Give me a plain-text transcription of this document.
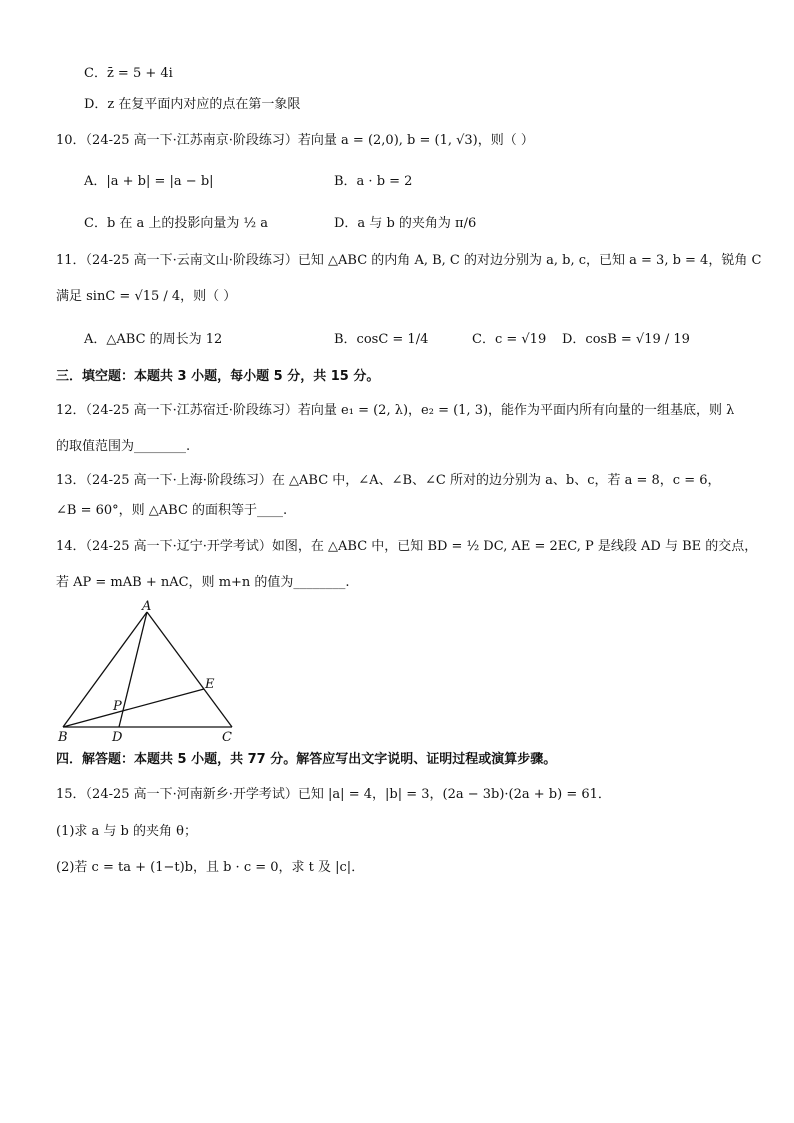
C．z̄ = 5 + 4i
D．z 在复平面内对应的点在第一象限
10．（24-25 高一下·江苏南京·阶段练习）若向量 a = (2,0), b = (1, √3)，则（ ）
A．|a + b| = |a − b|	B．a · b = 2
C．b 在 a 上的投影向量为 ½ a	D．a 与 b 的夹角为 π/6
11．（24-25 高一下·云南文山·阶段练习）已知 △ABC 的内角 A, B, C 的对边分别为 a, b, c，已知 a = 3, b = 4，锐角 C
满足 sinC = √15 / 4，则（ ）
A．△ABC 的周长为 12	B．cosC = 1/4	C．c = √19 D．cosB = √19 / 19
三．填空题：本题共 3 小题，每小题 5 分，共 15 分。
12．（24-25 高一下·江苏宿迁·阶段练习）若向量 e₁ = (2, λ)，e₂ = (1, 3)，能作为平面内所有向量的一组基底，则 λ
的取值范围为________.
13．（24-25 高一下·上海·阶段练习）在 △ABC 中，∠A、∠B、∠C 所对的边分别为 a、b、c，若 a = 8，c = 6，
∠B = 60°，则 △ABC 的面积等于____.
14．（24-25 高一下·辽宁·开学考试）如图，在 △ABC 中，已知 BD = ½ DC, AE = 2EC, P 是线段 AD 与 BE 的交点，
若 AP = mAB + nAC，则 m+n 的值为________.
A
B	C
D
E
P
四．解答题：本题共 5 小题，共 77 分。解答应写出文字说明、证明过程或演算步骤。
15．（24-25 高一下·河南新乡·开学考试）已知 |a| = 4，|b| = 3，(2a − 3b)·(2a + b) = 61．
(1)求 a 与 b 的夹角 θ；
(2)若 c = ta + (1−t)b，且 b · c = 0，求 t 及 |c|．
